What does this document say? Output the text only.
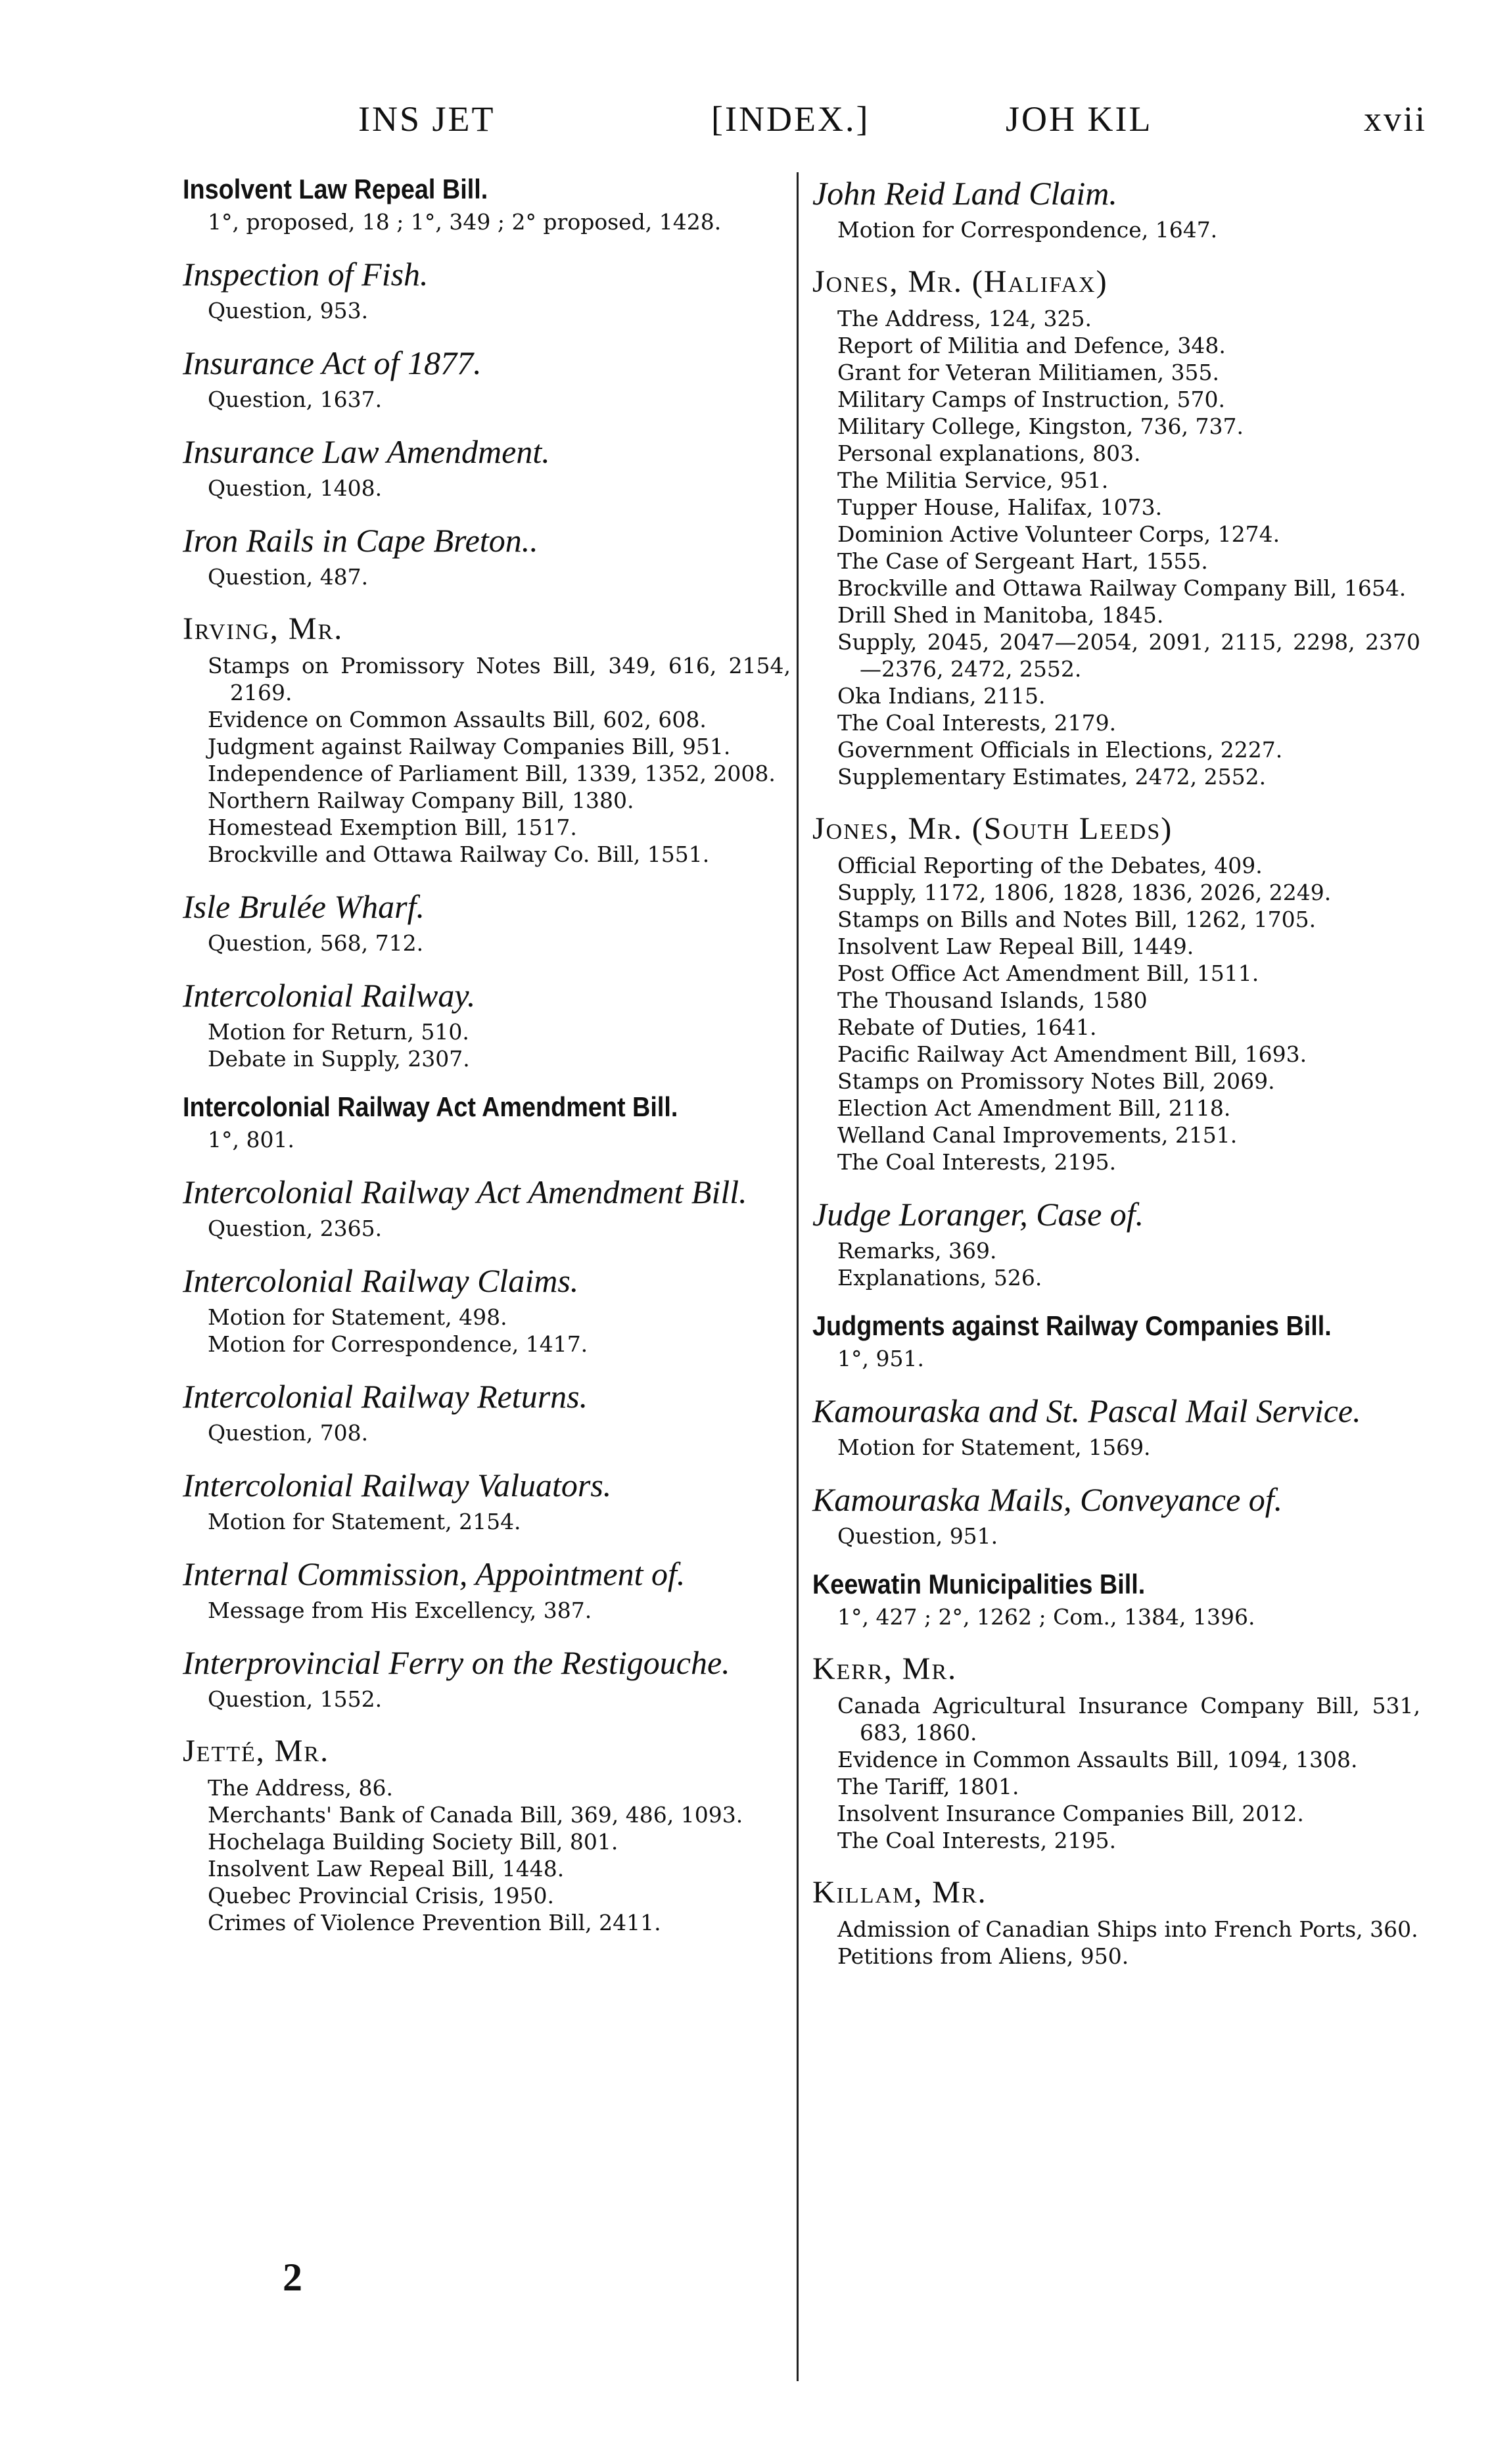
INS JET	[INDEX.]	JOH KIL	xvii
Insolvent Law Repeal Bill.
1°, proposed, 18 ; 1°, 349 ; 2° proposed, 1428.
Inspection of Fish.
Question, 953.
Insurance Act of 1877.
Question, 1637.
Insurance Law Amendment.
Question, 1408.
Iron Rails in Cape Breton..
Question, 487.
Irving, Mr.
Stamps on Promissory Notes Bill, 349, 616, 2154, 2169.
Evidence on Common Assaults Bill, 602, 608.
Judgment against Railway Companies Bill, 951.
Independence of Parliament Bill, 1339, 1352, 2008.
Northern Railway Company Bill, 1380.
Homestead Exemption Bill, 1517.
Brockville and Ottawa Railway Co. Bill, 1551.
Isle Brulée Wharf.
Question, 568, 712.
Intercolonial Railway.
Motion for Return, 510.
Debate in Supply, 2307.
Intercolonial Railway Act Amendment Bill.
1°, 801.
Intercolonial Railway Act Amendment Bill.
Question, 2365.
Intercolonial Railway Claims.
Motion for Statement, 498.
Motion for Correspondence, 1417.
Intercolonial Railway Returns.
Question, 708.
Intercolonial Railway Valuators.
Motion for Statement, 2154.
Internal Commission, Appointment of.
Message from His Excellency, 387.
Interprovincial Ferry on the Restigouche.
Question, 1552.
Jetté, Mr.
The Address, 86.
Merchants' Bank of Canada Bill, 369, 486, 1093.
Hochelaga Building Society Bill, 801.
Insolvent Law Repeal Bill, 1448.
Quebec Provincial Crisis, 1950.
Crimes of Violence Prevention Bill, 2411.
John Reid Land Claim.
Motion for Correspondence, 1647.
Jones, Mr. (Halifax)
The Address, 124, 325.
Report of Militia and Defence, 348.
Grant for Veteran Militiamen, 355.
Military Camps of Instruction, 570.
Military College, Kingston, 736, 737.
Personal explanations, 803.
The Militia Service, 951.
Tupper House, Halifax, 1073.
Dominion Active Volunteer Corps, 1274.
The Case of Sergeant Hart, 1555.
Brockville and Ottawa Railway Company Bill, 1654.
Drill Shed in Manitoba, 1845.
Supply, 2045, 2047—2054, 2091, 2115, 2298, 2370—2376, 2472, 2552.
Oka Indians, 2115.
The Coal Interests, 2179.
Government Officials in Elections, 2227.
Supplementary Estimates, 2472, 2552.
Jones, Mr. (South Leeds)
Official Reporting of the Debates, 409.
Supply, 1172, 1806, 1828, 1836, 2026, 2249.
Stamps on Bills and Notes Bill, 1262, 1705.
Insolvent Law Repeal Bill, 1449.
Post Office Act Amendment Bill, 1511.
The Thousand Islands, 1580
Rebate of Duties, 1641.
Pacific Railway Act Amendment Bill, 1693.
Stamps on Promissory Notes Bill, 2069.
Election Act Amendment Bill, 2118.
Welland Canal Improvements, 2151.
The Coal Interests, 2195.
Judge Loranger, Case of.
Remarks, 369.
Explanations, 526.
Judgments against Railway Companies Bill.
1°, 951.
Kamouraska and St. Pascal Mail Service.
Motion for Statement, 1569.
Kamouraska Mails, Conveyance of.
Question, 951.
Keewatin Municipalities Bill.
1°, 427 ; 2°, 1262 ; Com., 1384, 1396.
Kerr, Mr.
Canada Agricultural Insurance Company Bill, 531, 683, 1860.
Evidence in Common Assaults Bill, 1094, 1308.
The Tariff, 1801.
Insolvent Insurance Companies Bill, 2012.
The Coal Interests, 2195.
Killam, Mr.
Admission of Canadian Ships into French Ports, 360.
Petitions from Aliens, 950.
2
